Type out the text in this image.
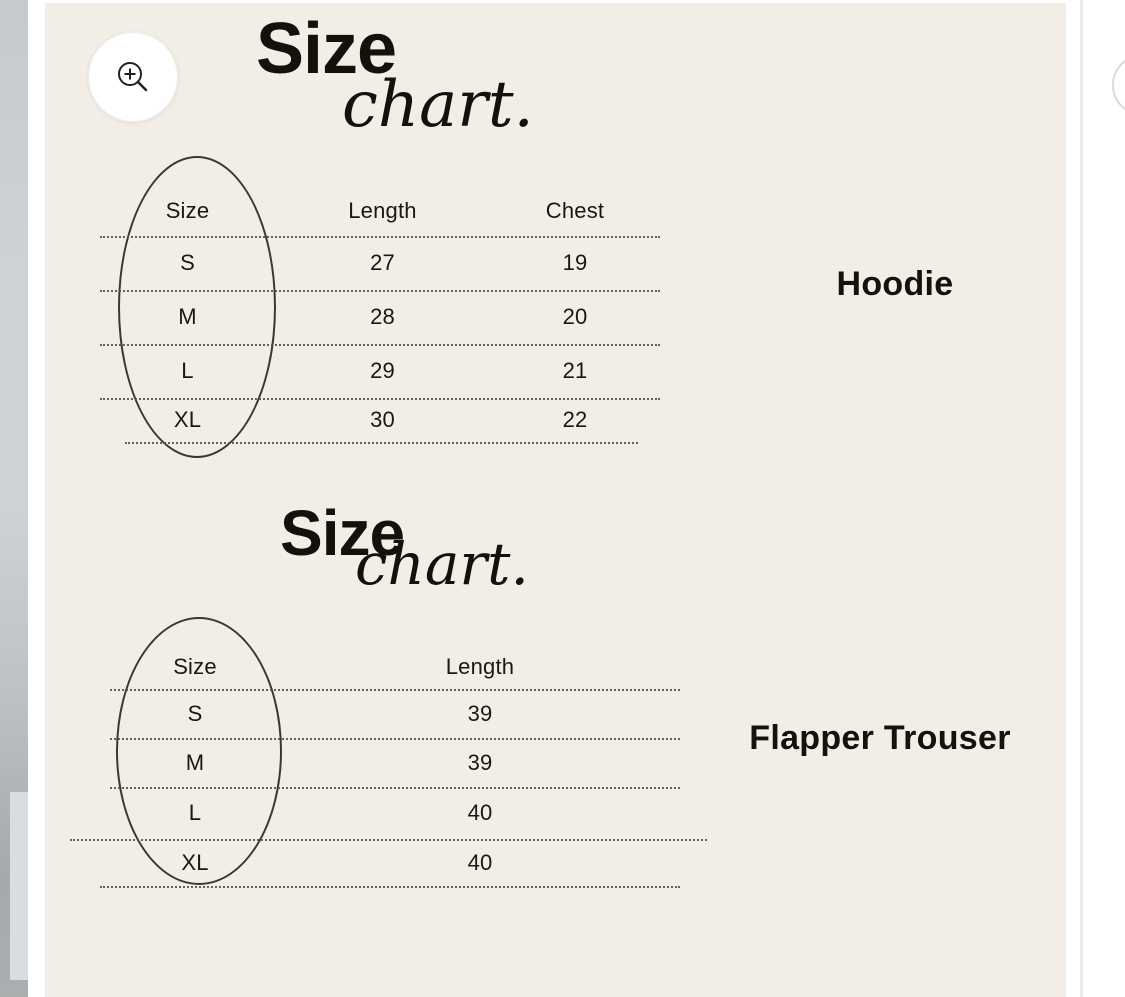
Size
chart.
Size	Length	Chest
S	27	19
M	28	20
L	29	21
XL	30	22
Hoodie
Size
chart.
Size	Length
S	39
M	39
L	40
XL	40
Flapper Trouser
